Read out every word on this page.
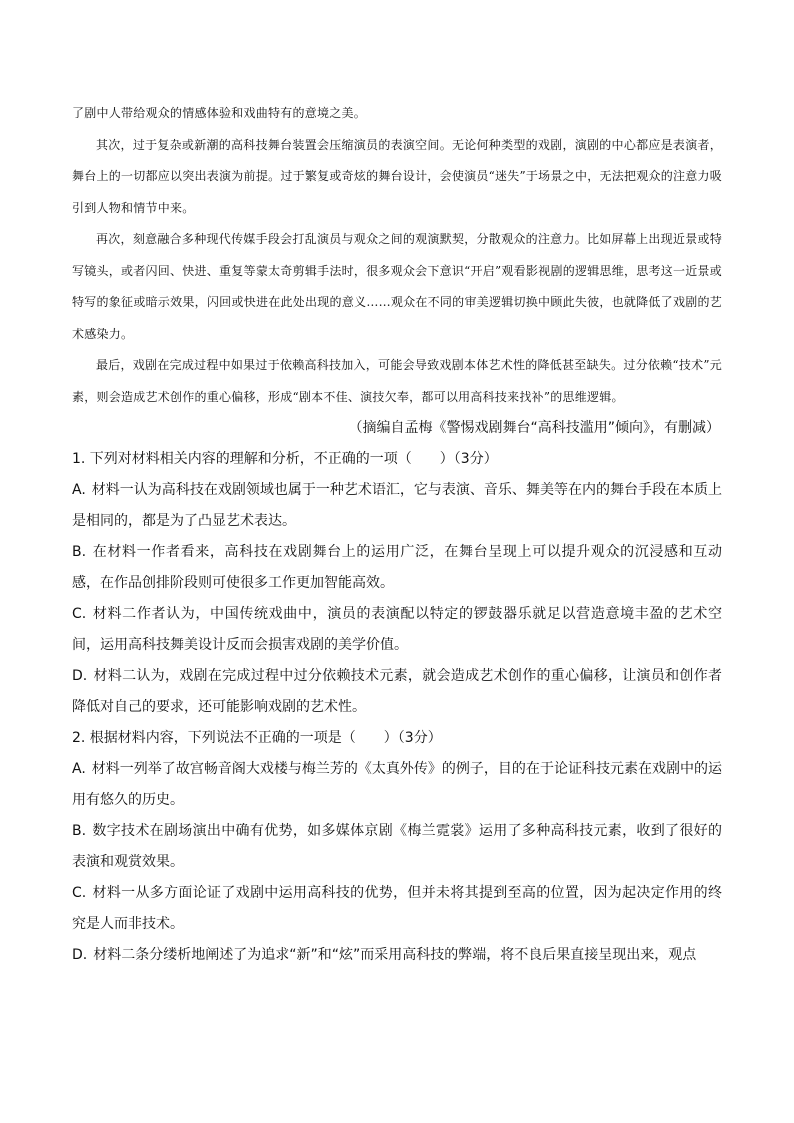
了剧中人带给观众的情感体验和戏曲特有的意境之美。

其次，过于复杂或新潮的高科技舞台装置会压缩演员的表演空间。无论何种类型的戏剧，演剧的中心都应是表演者，舞台上的一切都应以突出表演为前提。过于繁复或奇炫的舞台设计，会使演员“迷失”于场景之中，无法把观众的注意力吸引到人物和情节中来。

再次，刻意融合多种现代传媒手段会打乱演员与观众之间的观演默契，分散观众的注意力。比如屏幕上出现近景或特写镜头，或者闪回、快进、重复等蒙太奇剪辑手法时，很多观众会下意识“开启”观看影视剧的逻辑思维，思考这一近景或特写的象征或暗示效果，闪回或快进在此处出现的意义……观众在不同的审美逻辑切换中顾此失彼，也就降低了戏剧的艺术感染力。

最后，戏剧在完成过程中如果过于依赖高科技加入，可能会导致戏剧本体艺术性的降低甚至缺失。过分依赖“技术”元素，则会造成艺术创作的重心偏移，形成“剧本不佳、演技欠奉，都可以用高科技来找补”的思维逻辑。

（摘编自孟梅《警惕戏剧舞台“高科技滥用”倾向》，有删减）

1. 下列对材料相关内容的理解和分析，不正确的一项（　　）（3分）

A. 材料一认为高科技在戏剧领域也属于一种艺术语汇，它与表演、音乐、舞美等在内的舞台手段在本质上是相同的，都是为了凸显艺术表达。

B. 在材料一作者看来，高科技在戏剧舞台上的运用广泛，在舞台呈现上可以提升观众的沉浸感和互动感，在作品创排阶段则可使很多工作更加智能高效。

C. 材料二作者认为，中国传统戏曲中，演员的表演配以特定的锣鼓器乐就足以营造意境丰盈的艺术空间，运用高科技舞美设计反而会损害戏剧的美学价值。

D. 材料二认为，戏剧在完成过程中过分依赖技术元素，就会造成艺术创作的重心偏移，让演员和创作者降低对自己的要求，还可能影响戏剧的艺术性。

2. 根据材料内容，下列说法不正确的一项是（　　）（3分）

A. 材料一列举了故宫畅音阁大戏楼与梅兰芳的《太真外传》的例子，目的在于论证科技元素在戏剧中的运用有悠久的历史。

B. 数字技术在剧场演出中确有优势，如多媒体京剧《梅兰霓裳》运用了多种高科技元素，收到了很好的表演和观赏效果。

C. 材料一从多方面论证了戏剧中运用高科技的优势，但并未将其提到至高的位置，因为起决定作用的终究是人而非技术。

D. 材料二条分缕析地阐述了为追求“新”和“炫”而采用高科技的弊端，将不良后果直接呈现出来，观点
